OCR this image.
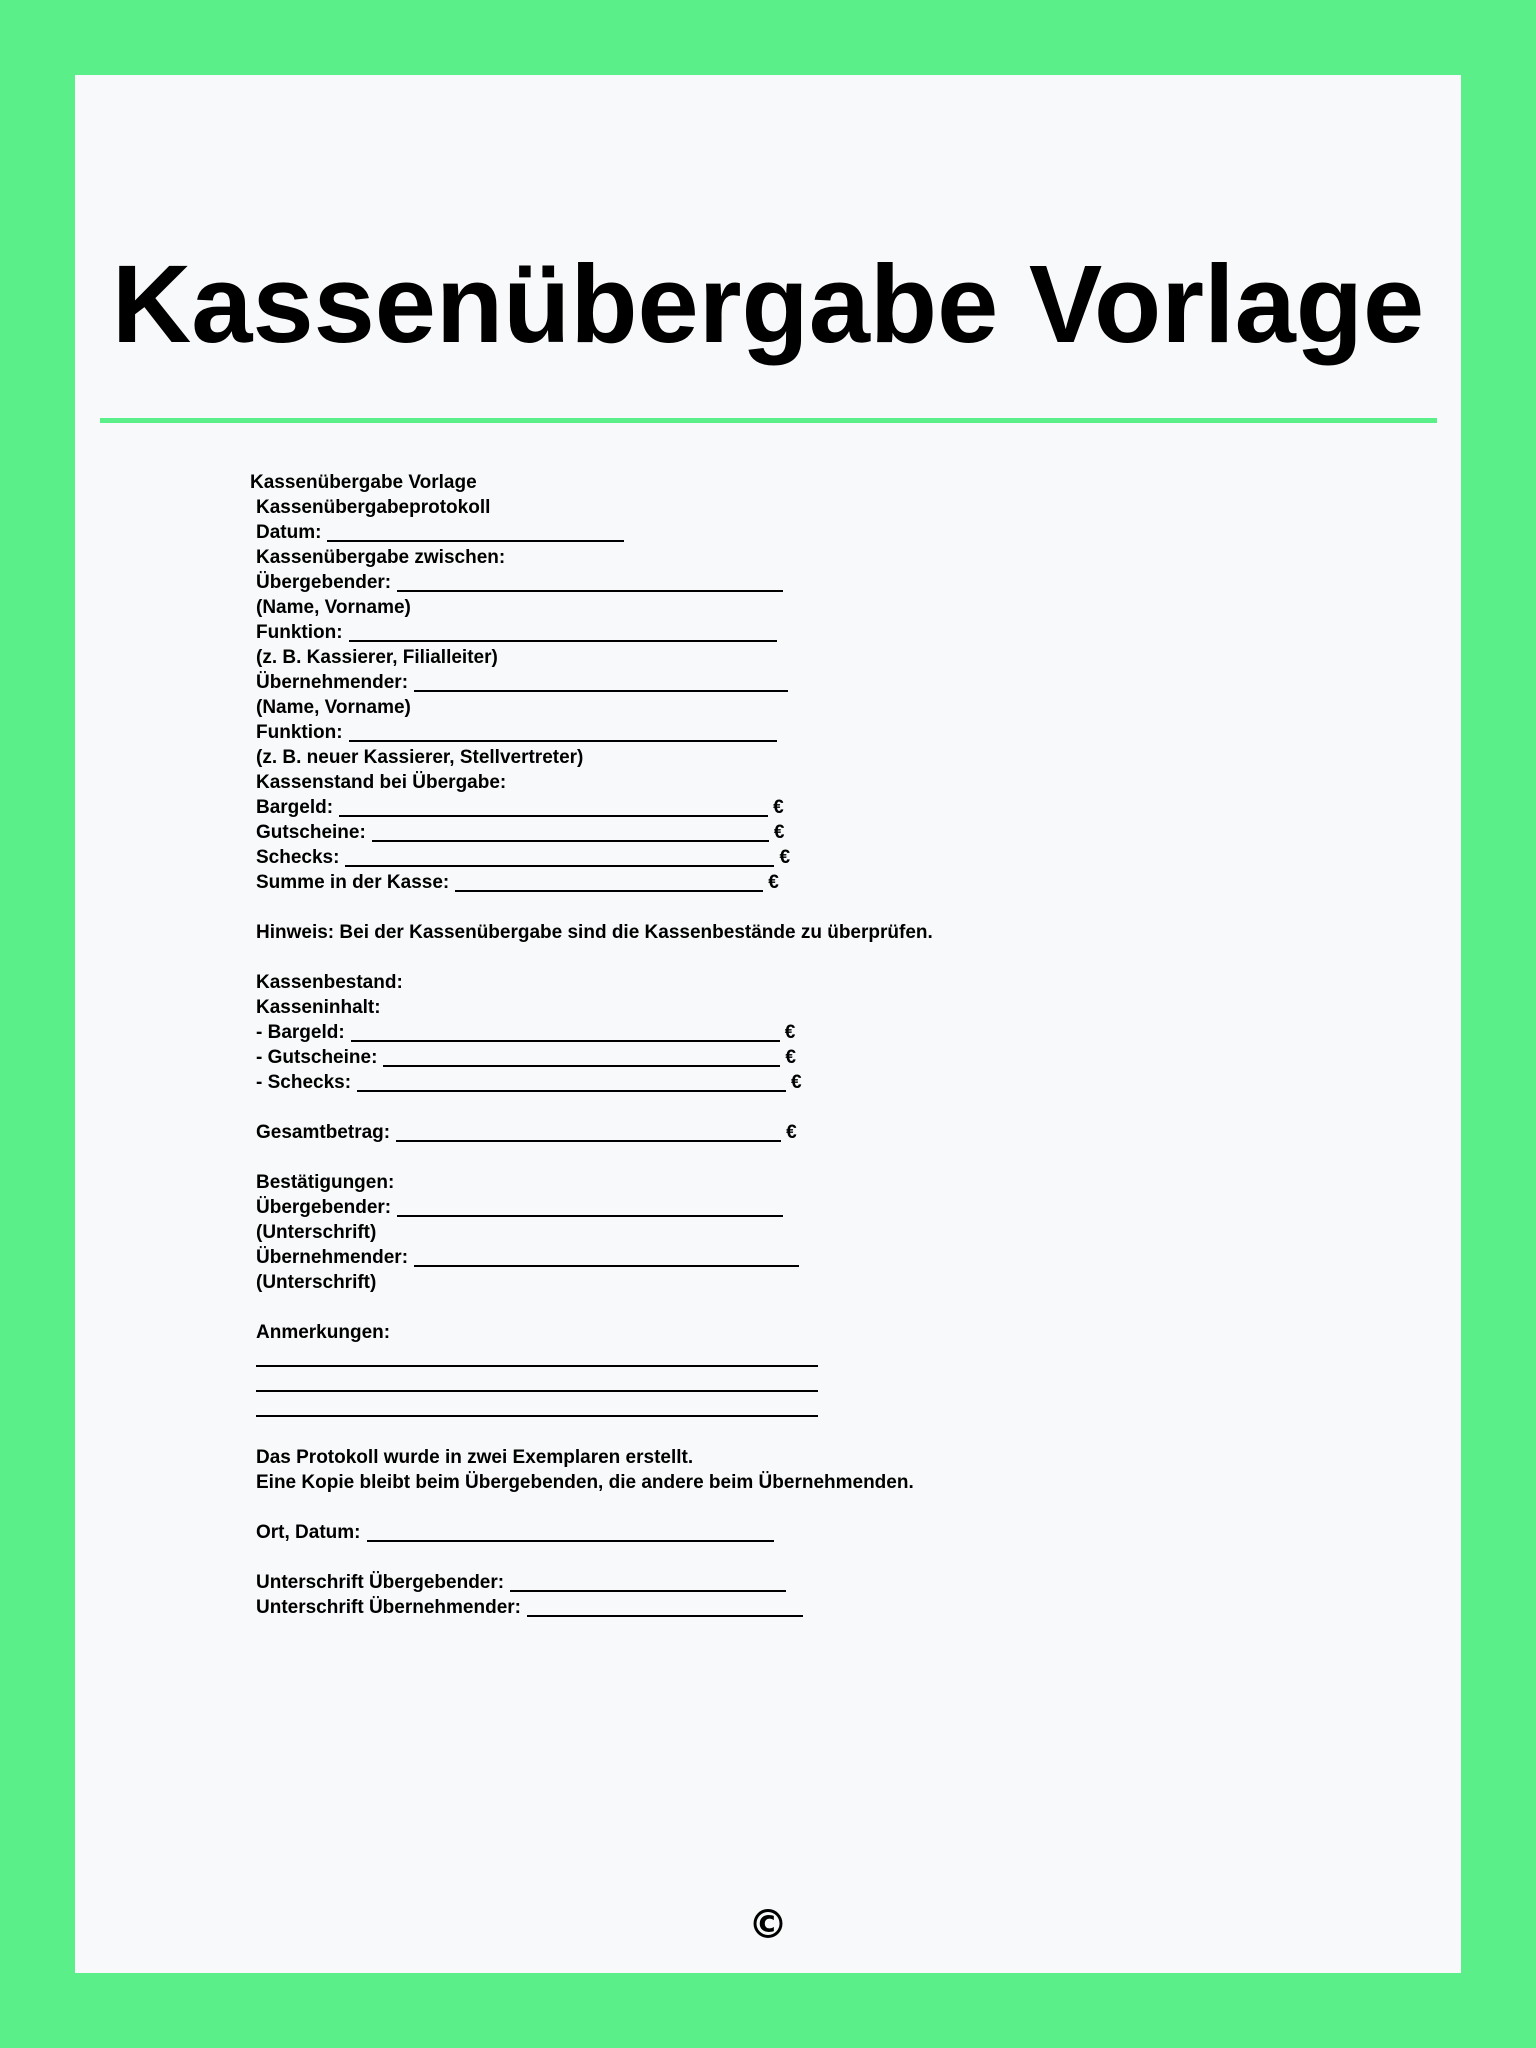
Kassenübergabe Vorlage
Kassenübergabe Vorlage
Kassenübergabeprotokoll
Datum:
Kassenübergabe zwischen:
Übergebender:
(Name, Vorname)
Funktion:
(z. B. Kassierer, Filialleiter)
Übernehmender:
(Name, Vorname)
Funktion:
(z. B. neuer Kassierer, Stellvertreter)
Kassenstand bei Übergabe:
Bargeld:	€
Gutscheine:	€
Schecks:	€
Summe in der Kasse:	€
Hinweis: Bei der Kassenübergabe sind die Kassenbestände zu überprüfen.
Kassenbestand:
Kasseninhalt:
- Bargeld:	€
- Gutscheine:	€
- Schecks:	€
Gesamtbetrag:	€
Bestätigungen:
Übergebender:
(Unterschrift)
Übernehmender:
(Unterschrift)
Anmerkungen:
Das Protokoll wurde in zwei Exemplaren erstellt.
Eine Kopie bleibt beim Übergebenden, die andere beim Übernehmenden.
Ort, Datum:
Unterschrift Übergebender:
Unterschrift Übernehmender:
©
